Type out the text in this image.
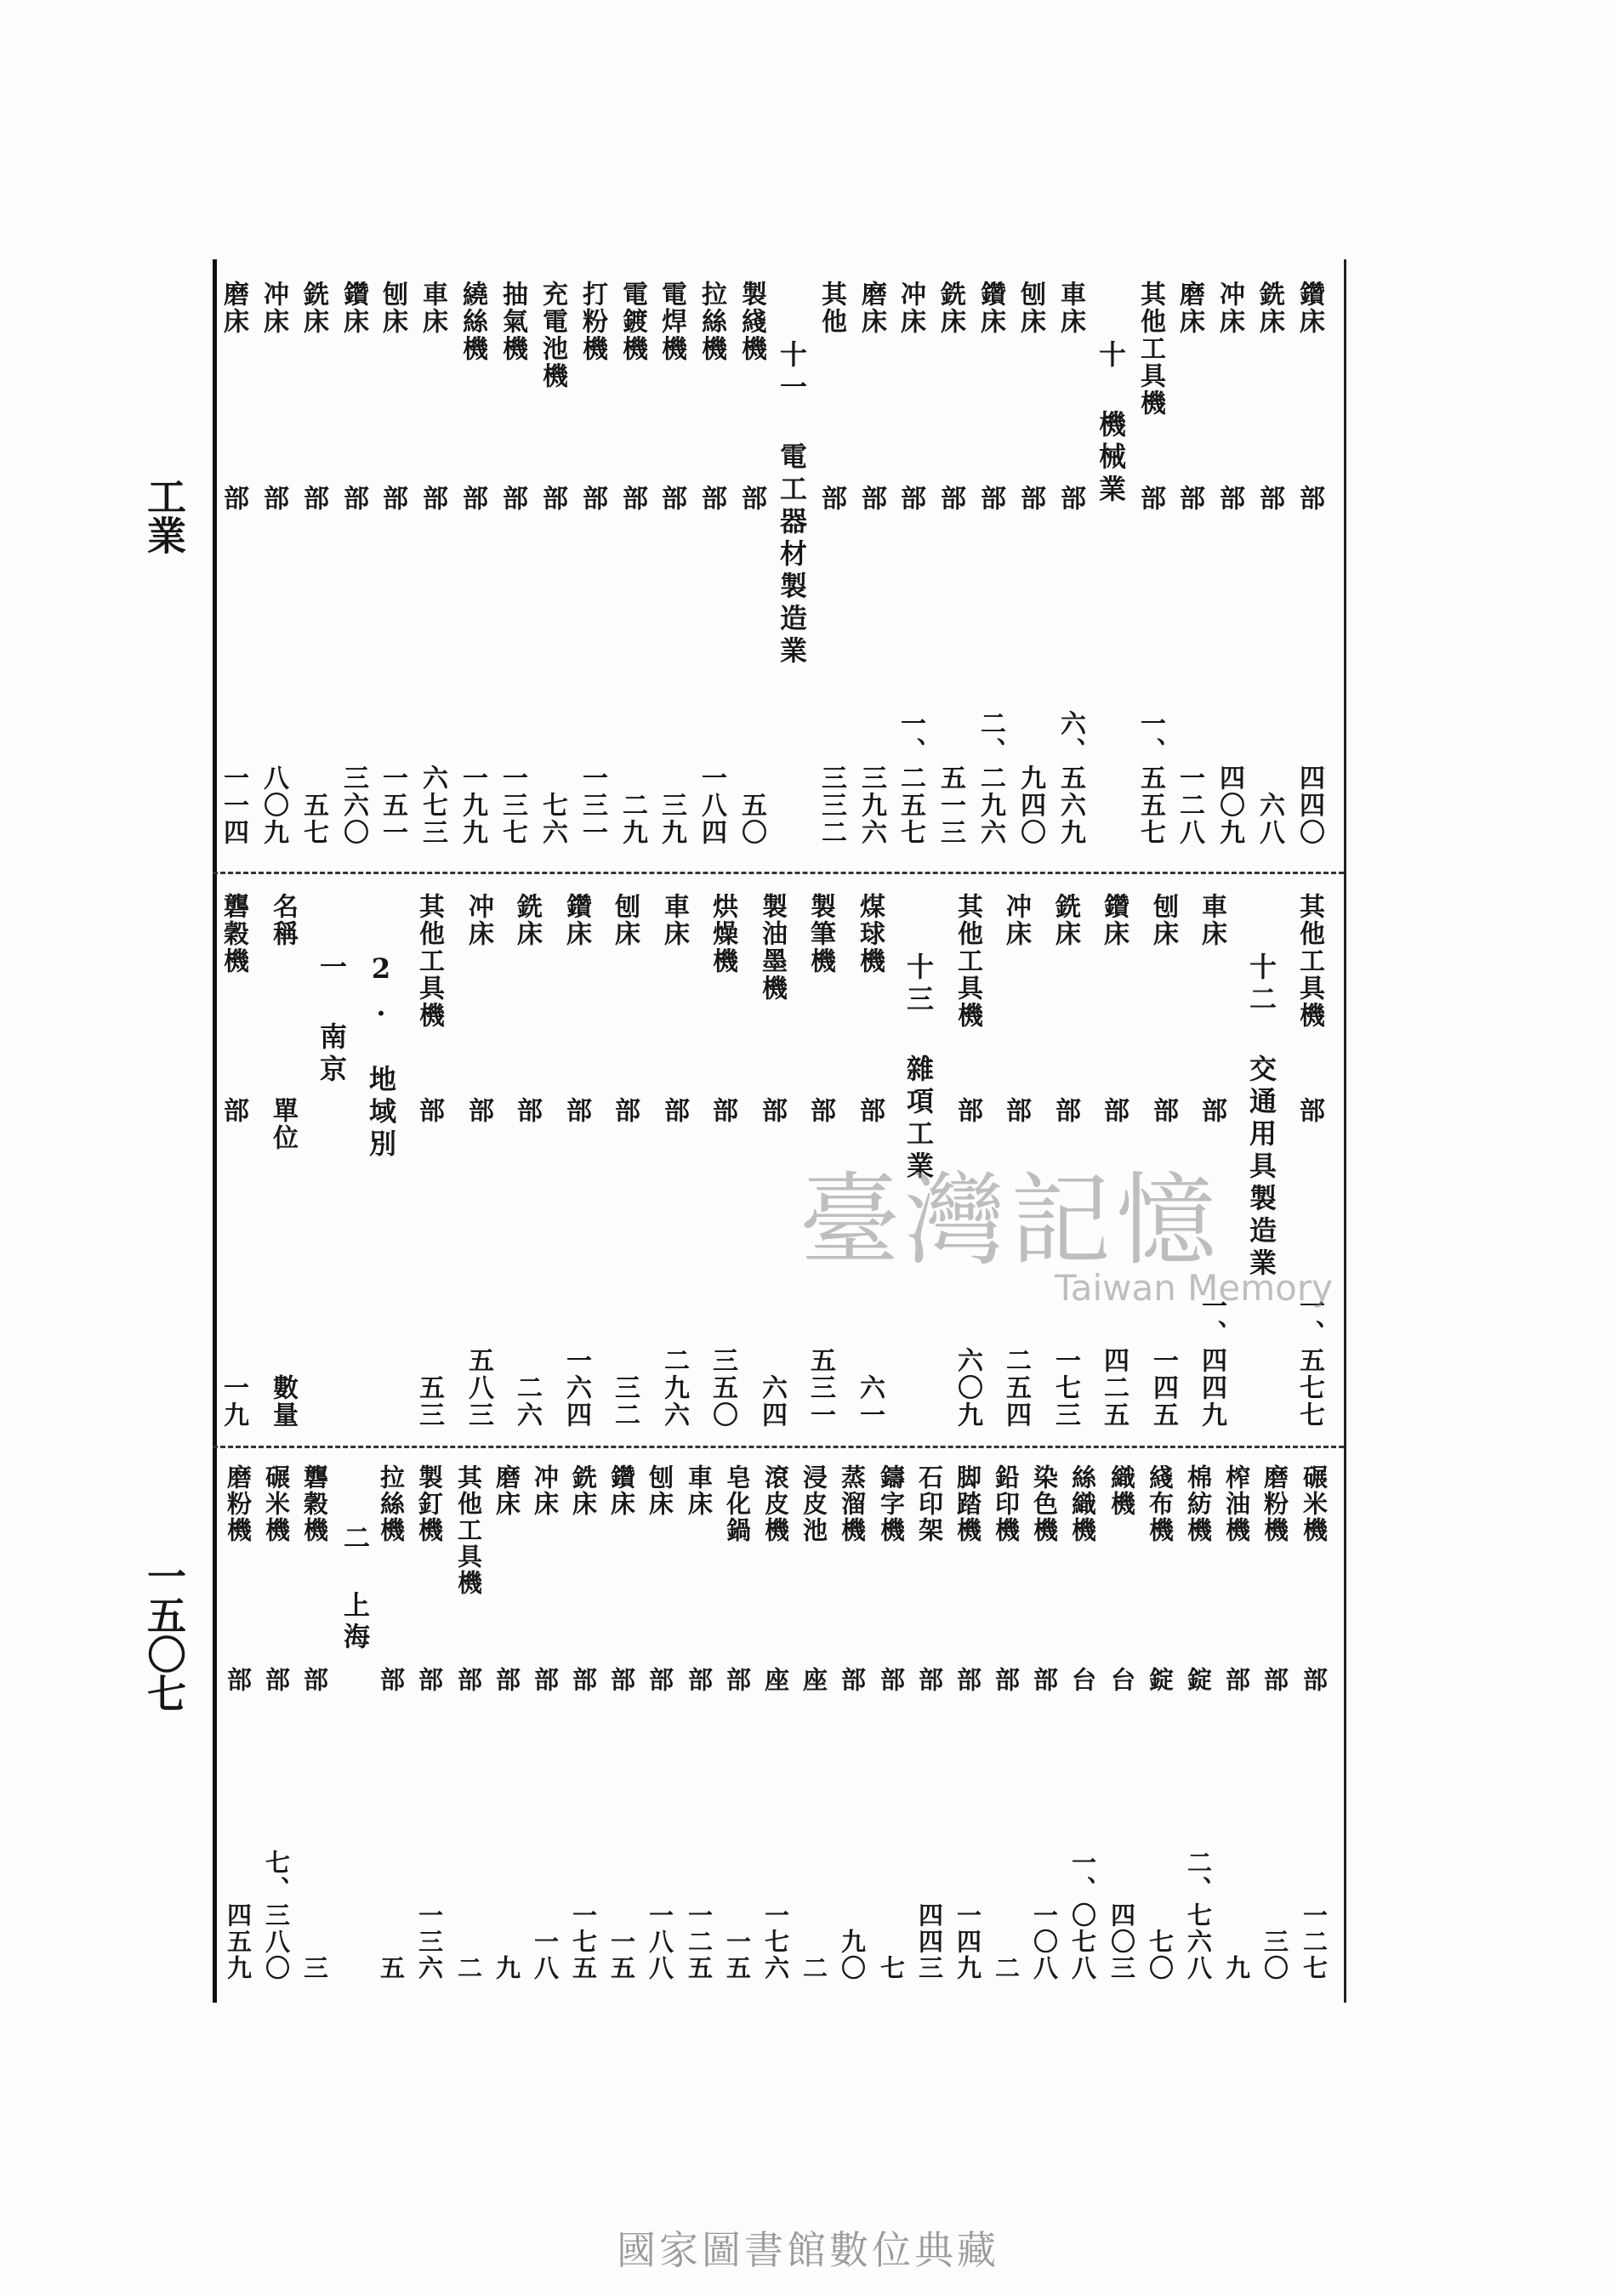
工業
一五〇七
鑽床
部
四四〇
銑床
部
六八
冲床
部
四〇九
磨床
部
一二八
其他工具機
部
一、五五七
十 機械業
車床
部
六、五六九
刨床
部
九四〇
鑽床
部
二、二九六
銑床
部
五一三
冲床
部
一、二五七
磨床
部
三九六
其他
部
三三二
十一 電工器材製造業
製綫機
部
五〇
拉絲機
部
一八四
電焊機
部
三九
電鍍機
部
二九
打粉機
部
一三一
充電池機
部
七六
抽氣機
部
一三七
繞絲機
部
一九九
車床
部
六七三
刨床
部
一五一
鑽床
部
三六〇
銑床
部
五七
冲床
部
八〇九
磨床
部
一一四
其他工具機
部
一、五七七
十二 交通用具製造業
車床
部
一、四四九
刨床
部
一四五
鑽床
部
四二五
銑床
部
一七三
冲床
部
二五四
其他工具機
部
六〇九
十三 雜項工業
煤球機
部
六一
製筆機
部
五三一
製油墨機
部
六四
烘燥機
部
三五〇
車床
部
二九六
刨床
部
三二
鑽床
部
一六四
銑床
部
二六
冲床
部
五八三
其他工具機
部
五三
2. 地域別
一 南京
名稱
單位
數量
礱穀機
部
一九
碾米機
部
一二七
磨粉機
部
三〇
榨油機
部
九
棉紡機
錠
二、七六八
綫布機
錠
七〇
織機
台
四〇三
絲織機
台
一、〇七八
染色機
部
一〇八
鉛印機
部
二
脚踏機
部
一四九
石印架
部
四四三
鑄字機
部
七
蒸溜機
部
九〇
浸皮池
座
二
滾皮機
座
一七六
皂化鍋
部
一五
車床
部
一二五
刨床
部
一八八
鑽床
部
一五
銑床
部
一七五
冲床
部
一八
磨床
部
九
其他工具機
部
二
製釘機
部
一三六
拉絲機
部
五
二 上海
礱穀機
部
三
碾米機
部
七、三八〇
磨粉機
部
四五九
臺灣記憶
Taiwan Memory
國家圖書館數位典藏
